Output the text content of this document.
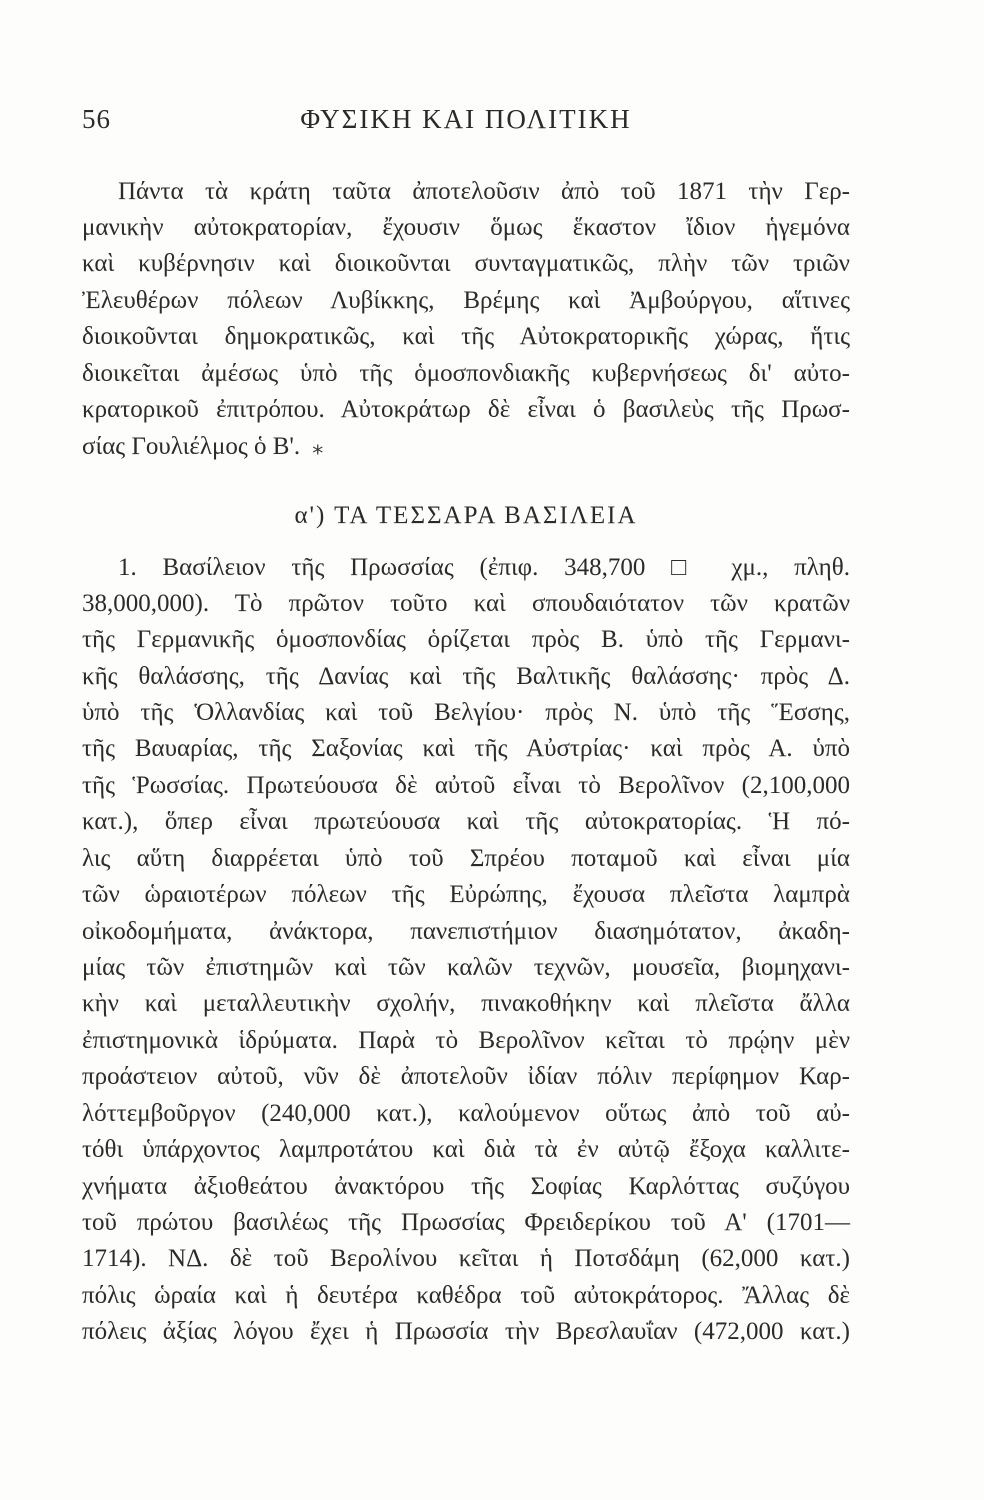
56	ΦΥΣΙΚΗ ΚΑΙ ΠΟΛΙΤΙΚΗ
Πάντα τὰ κράτη ταῦτα ἀποτελοῦσιν ἀπὸ τοῦ 1871 τὴν Γερ-
μανικὴν αὐτοκρατορίαν, ἔχουσιν ὅμως ἕκαστον ἴδιον ἡγεμόνα
καὶ κυβέρνησιν καὶ διοικοῦνται συνταγματικῶς, πλὴν τῶν τριῶν
Ἐλευθέρων πόλεων Λυβίκκης, Βρέμης καὶ Ἀμβούργου, αἵτινες
διοικοῦνται δημοκρατικῶς, καὶ τῆς Αὐτοκρατορικῆς χώρας, ἥτις
διοικεῖται ἀμέσως ὑπὸ τῆς ὁμοσπονδιακῆς κυβερνήσεως δι' αὐτο-
κρατορικοῦ ἐπιτρόπου. Αὐτοκράτωρ δὲ εἶναι ὁ βασιλεὺς τῆς Πρωσ-
σίας Γουλιέλμος ὁ Β'. ⁎
α') ΤΑ ΤΕΣΣΑΡΑ ΒΑΣΙΛΕΙΑ
1. Βασίλειον τῆς Πρωσσίας (ἐπιφ. 348,700 □ χμ., πληθ.
38,000,000). Τὸ πρῶτον τοῦτο καὶ σπουδαιότατον τῶν κρατῶν
τῆς Γερμανικῆς ὁμοσπονδίας ὁρίζεται πρὸς Β. ὑπὸ τῆς Γερμανι-
κῆς θαλάσσης, τῆς Δανίας καὶ τῆς Βαλτικῆς θαλάσσης· πρὸς Δ.
ὑπὸ τῆς Ὁλλανδίας καὶ τοῦ Βελγίου· πρὸς Ν. ὑπὸ τῆς Ἕσσης,
τῆς Βαυαρίας, τῆς Σαξονίας καὶ τῆς Αὐστρίας· καὶ πρὸς Α. ὑπὸ
τῆς Ῥωσσίας. Πρωτεύουσα δὲ αὐτοῦ εἶναι τὸ Βερολῖνον (2,100,000
κατ.), ὅπερ εἶναι πρωτεύουσα καὶ τῆς αὐτοκρατορίας. Ἡ πό-
λις αὕτη διαρρέεται ὑπὸ τοῦ Σπρέου ποταμοῦ καὶ εἶναι μία
τῶν ὡραιοτέρων πόλεων τῆς Εὐρώπης, ἔχουσα πλεῖστα λαμπρὰ
οἰκοδομήματα, ἀνάκτορα, πανεπιστήμιον διασημότατον, ἀκαδη-
μίας τῶν ἐπιστημῶν καὶ τῶν καλῶν τεχνῶν, μουσεῖα, βιομηχανι-
κὴν καὶ μεταλλευτικὴν σχολήν, πινακοθήκην καὶ πλεῖστα ἄλλα
ἐπιστημονικὰ ἱδρύματα. Παρὰ τὸ Βερολῖνον κεῖται τὸ πρῴην μὲν
προάστειον αὐτοῦ, νῦν δὲ ἀποτελοῦν ἰδίαν πόλιν περίφημον Καρ-
λόττεμβοῦργον (240,000 κατ.), καλούμενον οὕτως ἀπὸ τοῦ αὐ-
τόθι ὑπάρχοντος λαμπροτάτου καὶ διὰ τὰ ἐν αὐτῷ ἔξοχα καλλιτε-
χνήματα ἀξιοθεάτου ἀνακτόρου τῆς Σοφίας Καρλόττας συζύγου
τοῦ πρώτου βασιλέως τῆς Πρωσσίας Φρειδερίκου τοῦ Α' (1701—
1714). ΝΔ. δὲ τοῦ Βερολίνου κεῖται ἡ Ποτσδάμη (62,000 κατ.)
πόλις ὡραία καὶ ἡ δευτέρα καθέδρα τοῦ αὐτοκράτορος. Ἄλλας δὲ
πόλεις ἀξίας λόγου ἔχει ἡ Πρωσσία τὴν Βρεσλαυΐαν (472,000 κατ.)
